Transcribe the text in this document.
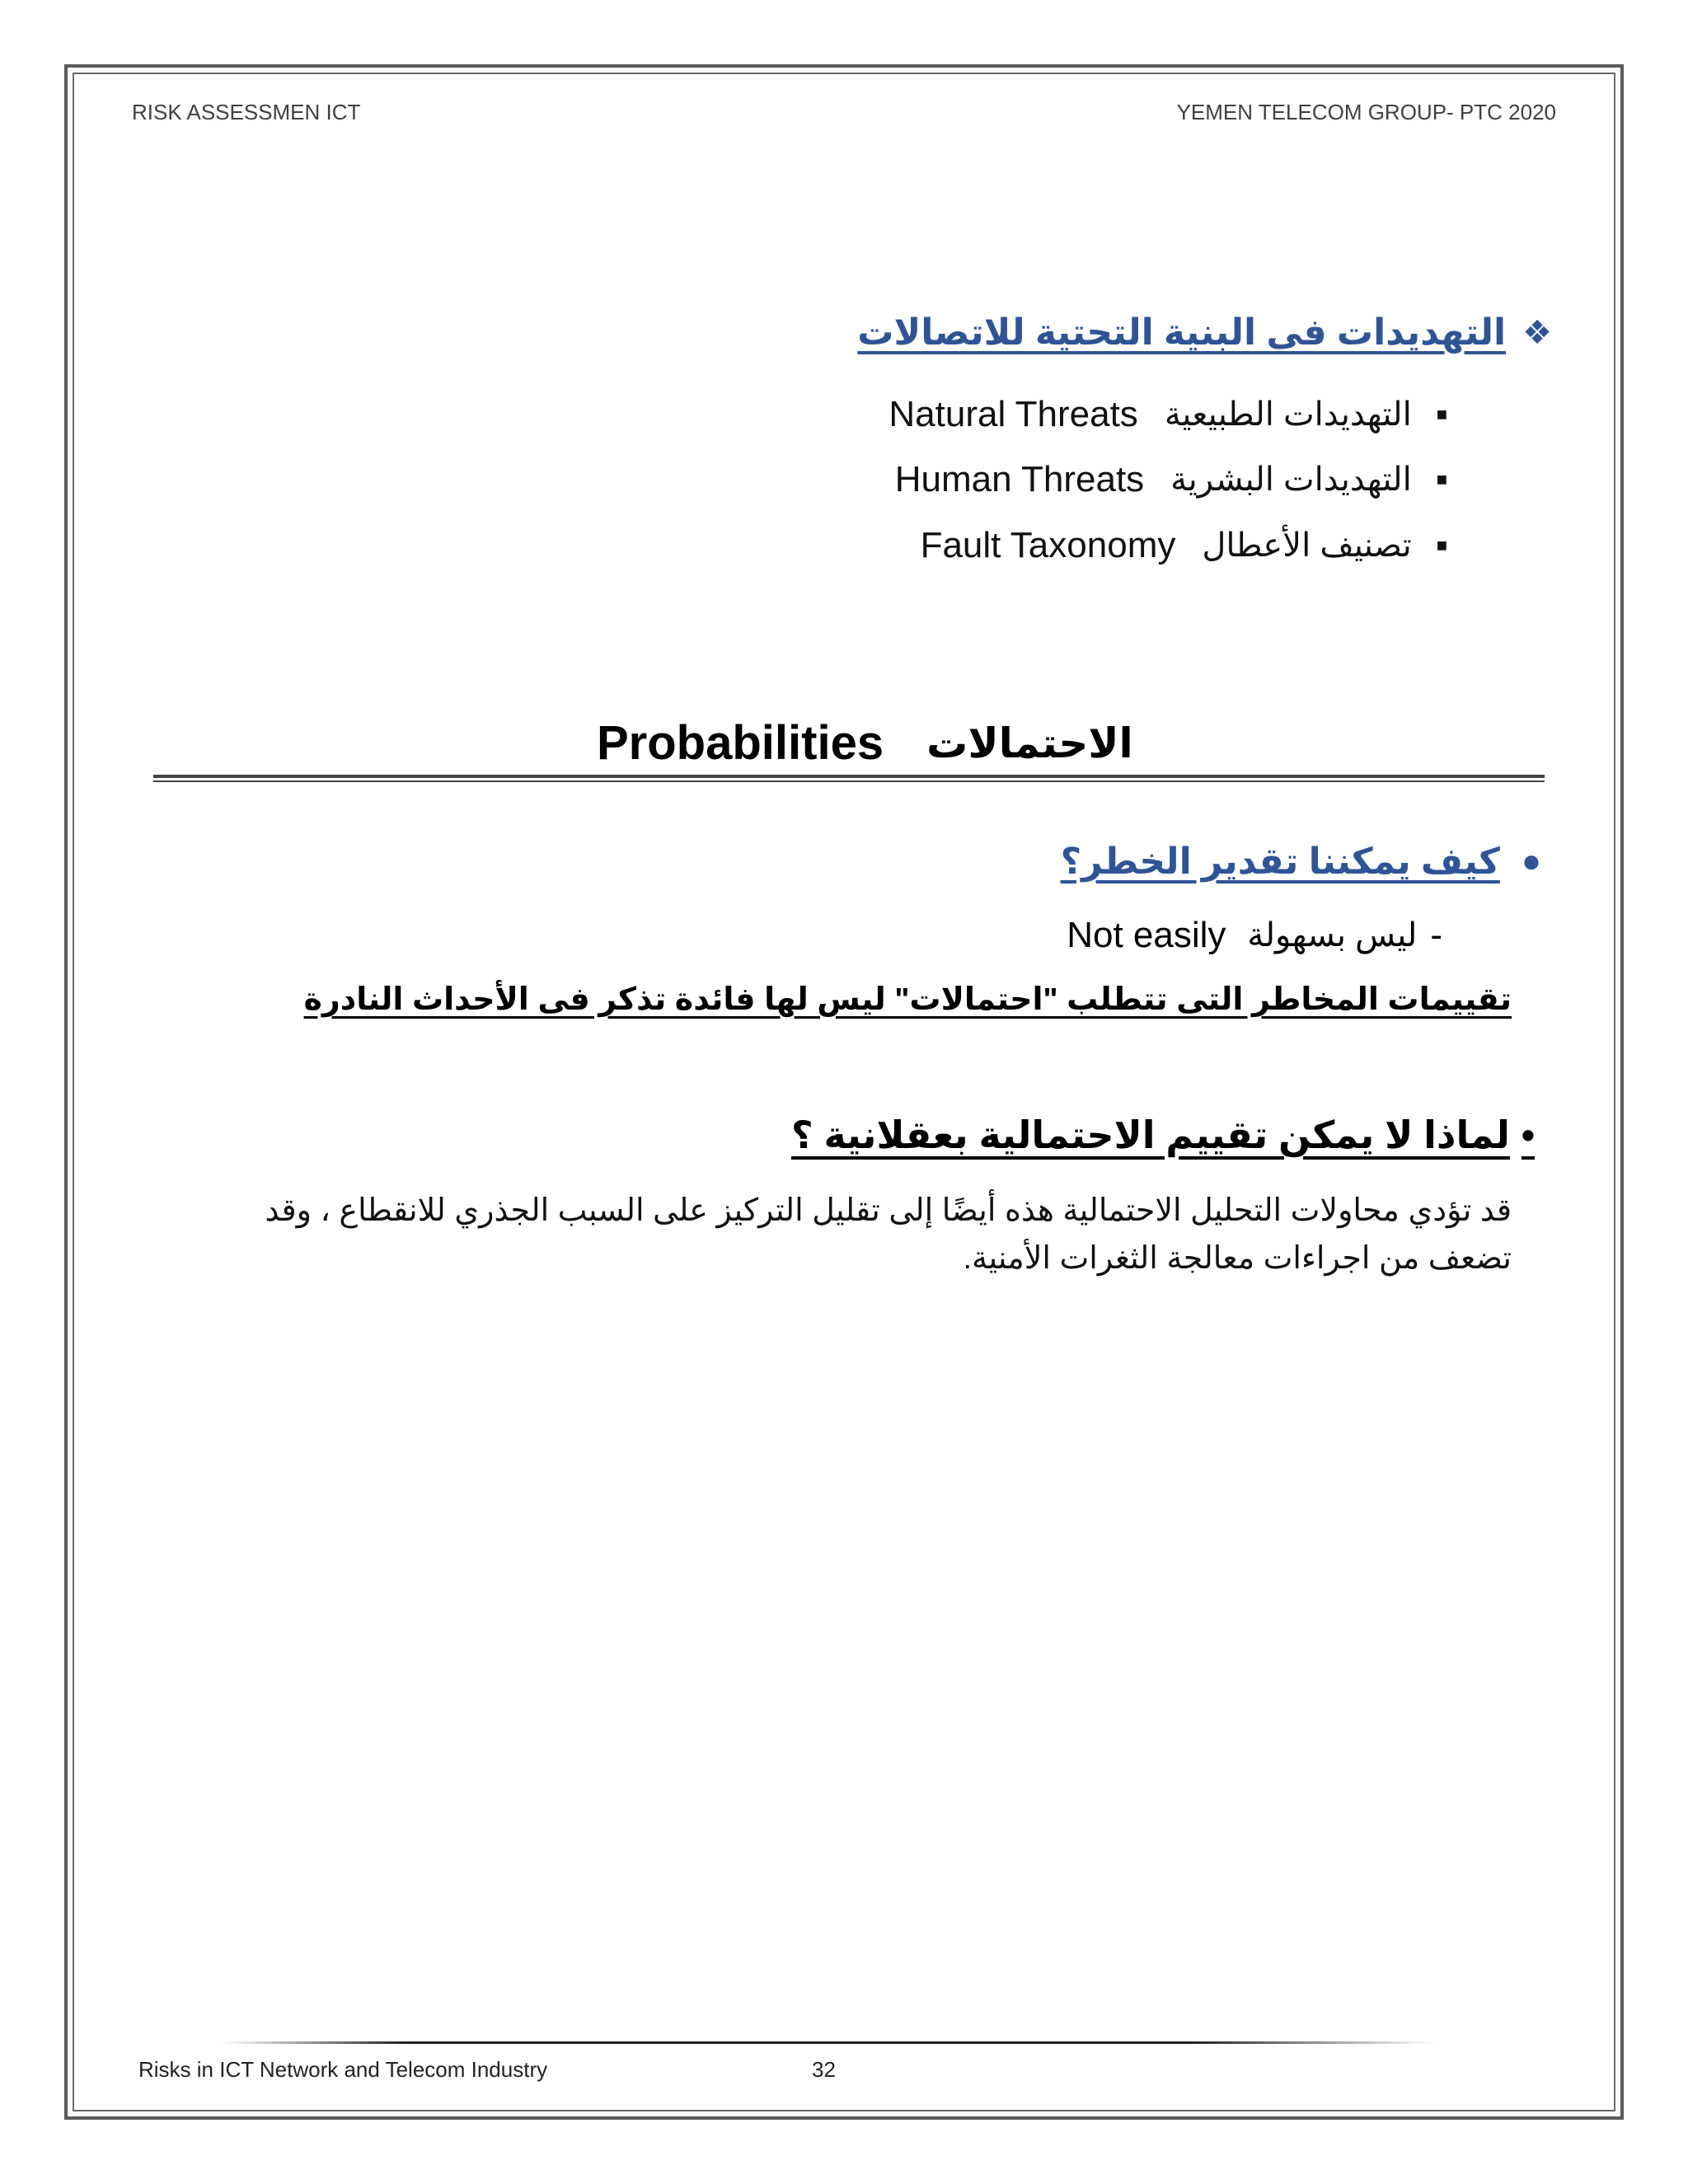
RISK ASSESSMEN ICT	YEMEN TELECOM GROUP- PTC 2020
❖
التهديدات فى البنية التحتية للاتصالات
■
التهديدات الطبيعية
Natural Threats
■
التهديدات البشرية
Human Threats
■
تصنيف الأعطال
Fault Taxonomy
Probabilities الاحتمالات
●
كيف يمكننا تقدير الخطر؟
-
ليس بسهولة
Not easily
تقييمات المخاطر التى تتطلب "احتمالات" ليس لها فائدة تذكر فى الأحداث النادرة
•
لماذا لا يمكن تقييم الاحتمالية بعقلانية ؟
قد تؤدي محاولات التحليل الاحتمالية هذه أيضًا إلى تقليل التركيز على السبب الجذري للانقطاع ، وقد تضعف من اجراءات معالجة الثغرات الأمنية.
Risks in ICT Network and Telecom Industry	32
